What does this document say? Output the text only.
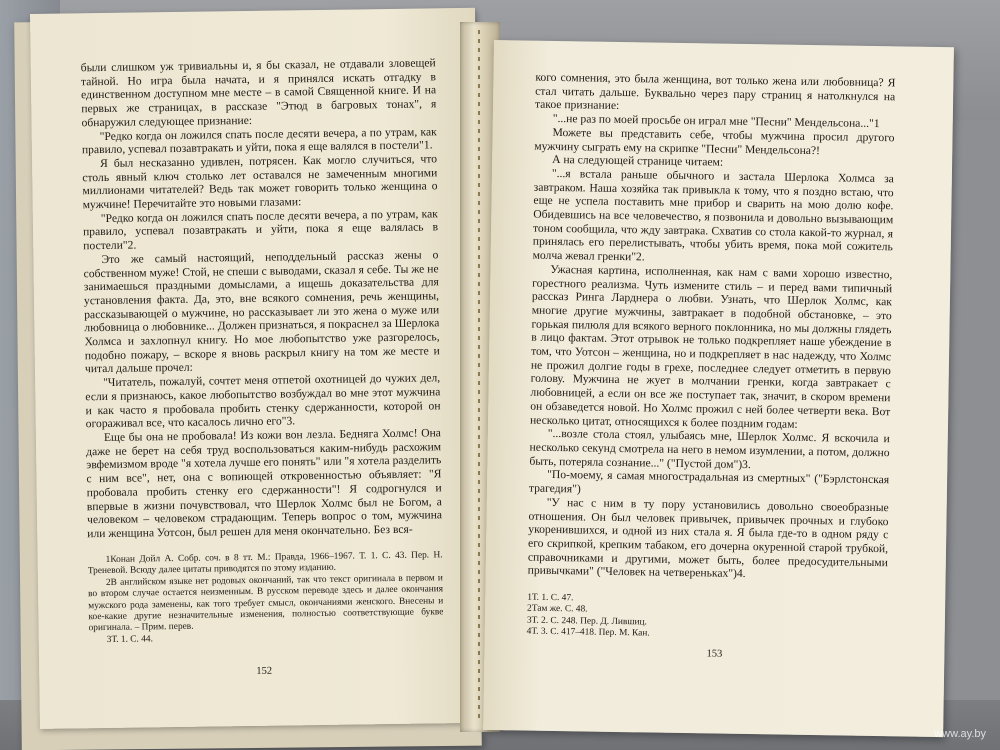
были слишком уж тривиальны и, я бы сказал, не отдавали зловещей тайной. Но игра была начата, и я принялся искать отгадку в единственном доступном мне месте – в самой Священной книге. И на первых же страницах, в рассказе "Этюд в багровых тонах", я обнаружил следующее признание:

"Редко когда он ложился спать после десяти вечера, а по утрам, как правило, успевал позавтракать и уйти, пока я еще валялся в постели"1.

Я был несказанно удивлен, потрясен. Как могло случиться, что столь явный ключ столько лет оставался не замеченным многими миллионами читателей? Ведь так может говорить только женщина о мужчине! Перечитайте это новыми глазами:

"Редко когда он ложился спать после десяти вечера, а по утрам, как правило, успевал позавтракать и уйти, пока я еще валялась в постели"2.

Это же самый настоящий, неподдельный рассказ жены о собственном муже! Стой, не спеши с выводами, сказал я себе. Ты же не занимаешься праздными домыслами, а ищешь доказательства для установления факта. Да, это, вне всякого сомнения, речь женщины, рассказывающей о мужчине, но рассказывает ли это жена о муже или любовница о любовнике... Должен признаться, я покраснел за Шерлока Холмса и захлопнул книгу. Но мое любопытство уже разгорелось, подобно пожару, – вскоре я вновь раскрыл книгу на том же месте и читал дальше прочел:

"Читатель, пожалуй, сочтет меня отпетой охотницей до чужих дел, если я признаюсь, какое любопытство возбуждал во мне этот мужчина и как часто я пробовала пробить стенку сдержанности, которой он огораживал все, что касалось лично его"3.

Еще бы она не пробовала! Из кожи вон лезла. Бедняга Холмс! Она даже не берет на себя труд воспользоваться каким-нибудь расхожим эвфемизмом вроде "я хотела лучше его понять" или "я хотела разделить с ним все", нет, она с вопиющей откровенностью объявляет: "Я пробовала пробить стенку его сдержанности"! Я содрогнулся и впервые в жизни почувствовал, что Шерлок Холмс был не Богом, а человеком – человеком страдающим. Теперь вопрос о том, мужчина или женщина Уотсон, был решен для меня окончательно. Без вся-

1Конан Дойл А. Собр. соч. в 8 тт. М.: Правда, 1966–1967. Т. 1. С. 43. Пер. Н. Треневой. Всюду далее цитаты приводятся по этому изданию.

2В английском языке нет родовых окончаний, так что текст оригинала в первом и во втором случае остается неизменным. В русском переводе здесь и далее окончания мужского рода заменены, как того требует смысл, окончаниями женского. Внесены и кое-какие другие незначительные изменения, полностью соответствующие букве оригинала. – Прим. перев.

3Т. 1. С. 44.

152

кого сомнения, это была женщина, вот только жена или любовница? Я стал читать дальше. Буквально через пару страниц я натолкнулся на такое признание:

"...не раз по моей просьбе он играл мне "Песни" Мендельсона..."1

Можете вы представить себе, чтобы мужчина просил другого мужчину сыграть ему на скрипке "Песни" Мендельсона?!

А на следующей странице читаем:

"...я встала раньше обычного и застала Шерлока Холмса за завтраком. Наша хозяйка так привыкла к тому, что я поздно встаю, что еще не успела поставить мне прибор и сварить на мою долю кофе. Обидевшись на все человечество, я позвонила и довольно вызывающим тоном сообщила, что жду завтрака. Схватив со стола какой-то журнал, я принялась его перелистывать, чтобы убить время, пока мой сожитель молча жевал гренки"2.

Ужасная картина, исполненная, как нам с вами хорошо известно, горестного реализма. Чуть измените стиль – и перед вами типичный рассказ Ринга Ларднера о любви. Узнать, что Шерлок Холмс, как многие другие мужчины, завтракает в подобной обстановке, – это горькая пилюля для всякого верного поклонника, но мы должны глядеть в лицо фактам. Этот отрывок не только подкрепляет наше убеждение в том, что Уотсон – женщина, но и подкрепляет в нас надежду, что Холмс не прожил долгие годы в грехе, последнее следует отметить в первую голову. Мужчина не жует в молчании гренки, когда завтракает с любовницей, а если он все же поступает так, значит, в скором времени он обзаведется новой. Но Холмс прожил с ней более четверти века. Вот несколько цитат, относящихся к более поздним годам:

"...возле стола стоял, улыбаясь мне, Шерлок Холмс. Я вскочила и несколько секунд смотрела на него в немом изумлении, а потом, должно быть, потеряла сознание..." ("Пустой дом")3.

"По-моему, я самая многострадальная из смертных" ("Бэрлстонская трагедия")

"У нас с ним в ту пору установились довольно своеобразные отношения. Он был человек привычек, привычек прочных и глубоко укоренившихся, и одной из них стала я. Я была где-то в одном ряду с его скрипкой, крепким табаком, его дочерна окуренной старой трубкой, справочниками и другими, может быть, более предосудительными привычками" ("Человек на четвереньках")4.

1Т. 1. С. 47.

2Там же. С. 48.

3Т. 2. С. 248. Пер. Д. Лившиц.

4Т. 3. С. 417–418. Пер. М. Кан.

153
www.ay.by
